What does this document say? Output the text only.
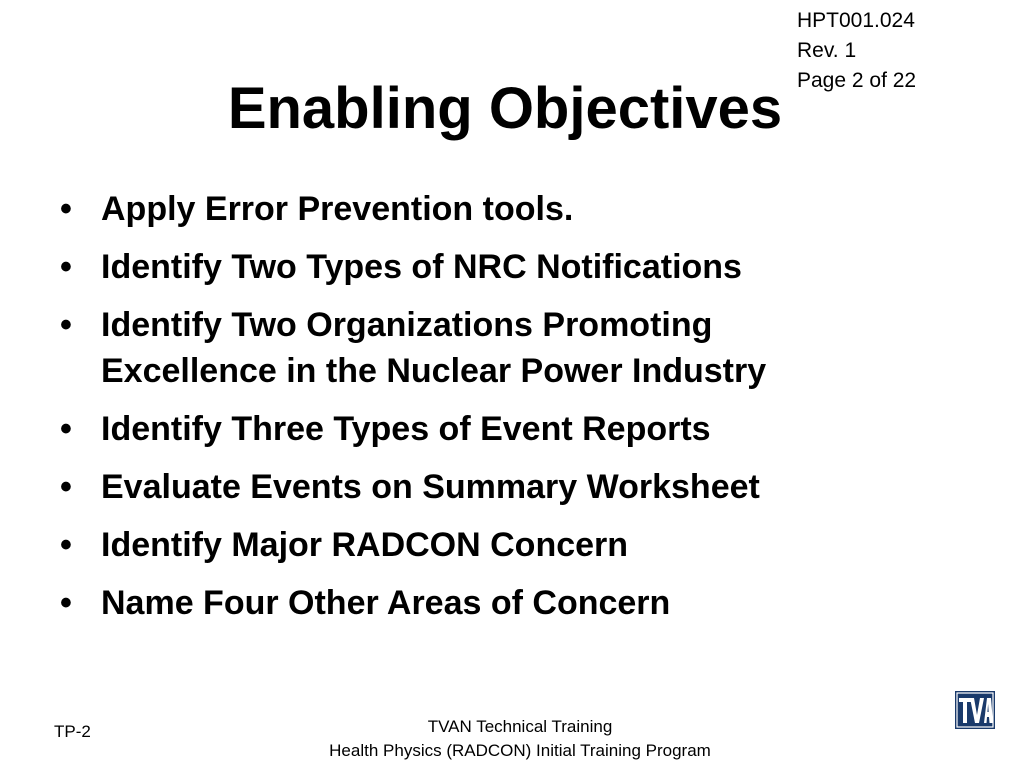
HPT001.024
Rev. 1
Page 2 of 22
Enabling Objectives
• Apply Error Prevention tools.
• Identify Two Types of NRC Notifications
• Identify Two Organizations Promoting
Excellence in the Nuclear Power Industry
• Identify Three Types of Event Reports
• Evaluate Events on Summary Worksheet
• Identify Major RADCON Concern
• Name Four Other Areas of Concern
TP-2	TVAN Technical Training
Health Physics (RADCON) Initial Training Program
